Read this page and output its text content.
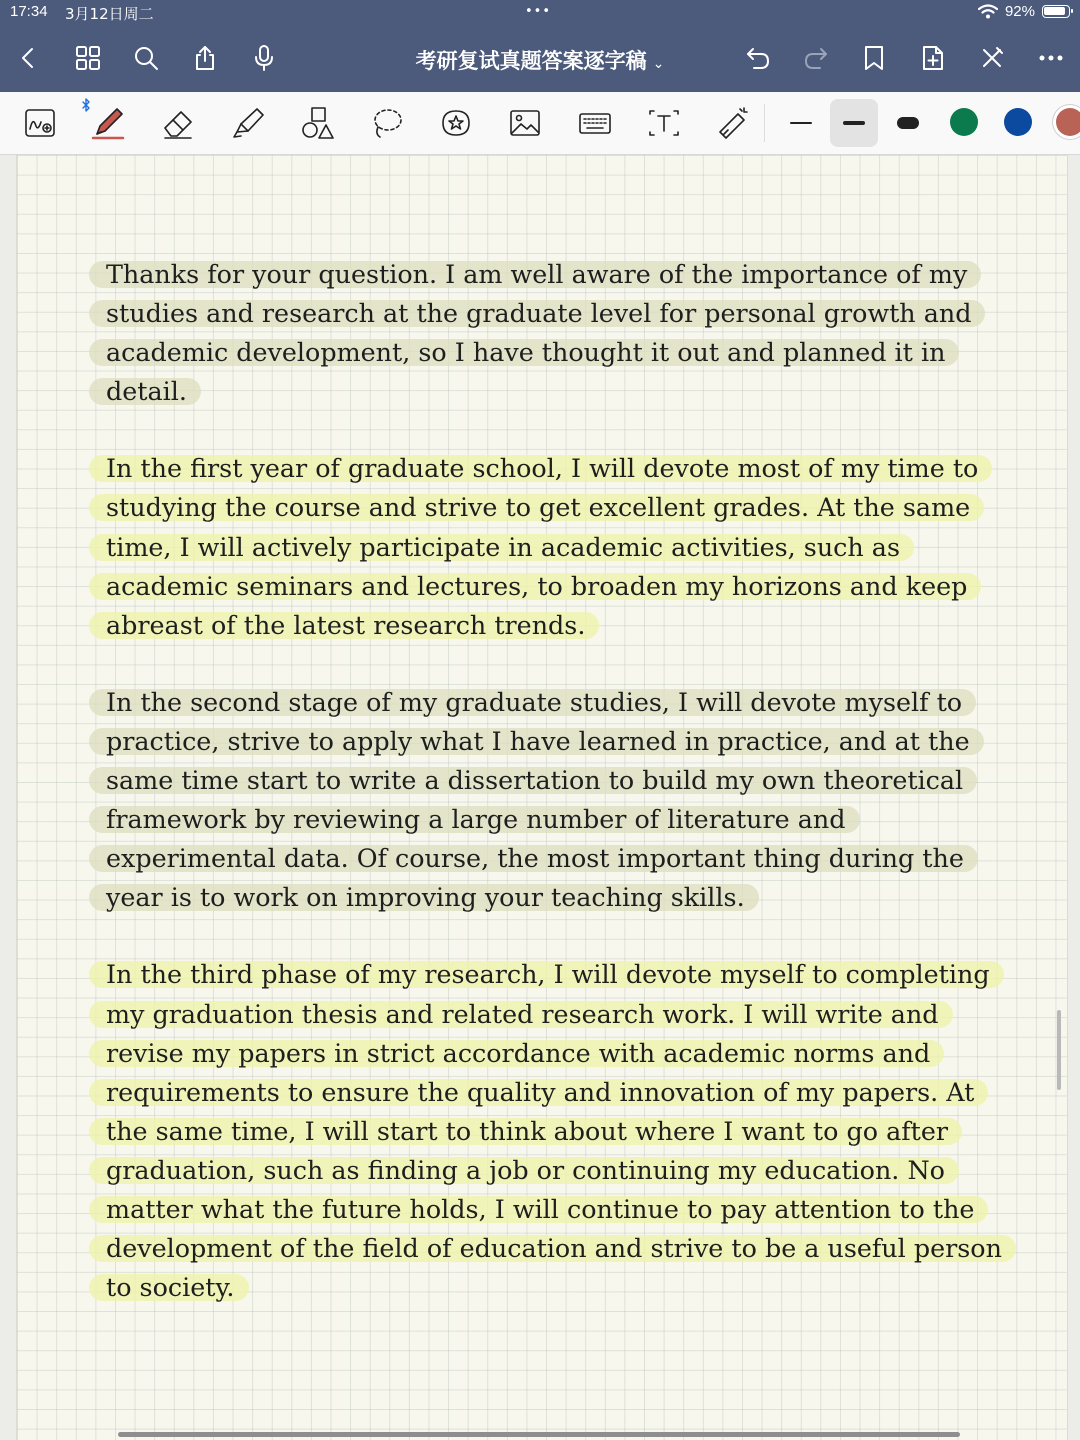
17:34 3月12日周二	•••	92%
考研复试真题答案逐字稿 ⌄
Thanks for your question. I am well aware of the importance of my
studies and research at the graduate level for personal growth and
academic development, so I have thought it out and planned it in
detail.
In the first year of graduate school, I will devote most of my time to
studying the course and strive to get excellent grades. At the same
time, I will actively participate in academic activities, such as
academic seminars and lectures, to broaden my horizons and keep
abreast of the latest research trends.
In the second stage of my graduate studies, I will devote myself to
practice, strive to apply what I have learned in practice, and at the
same time start to write a dissertation to build my own theoretical
framework by reviewing a large number of literature and
experimental data. Of course, the most important thing during the
year is to work on improving your teaching skills.
In the third phase of my research, I will devote myself to completing
my graduation thesis and related research work. I will write and
revise my papers in strict accordance with academic norms and
requirements to ensure the quality and innovation of my papers. At
the same time, I will start to think about where I want to go after
graduation, such as finding a job or continuing my education. No
matter what the future holds, I will continue to pay attention to the
development of the field of education and strive to be a useful person
to society.
